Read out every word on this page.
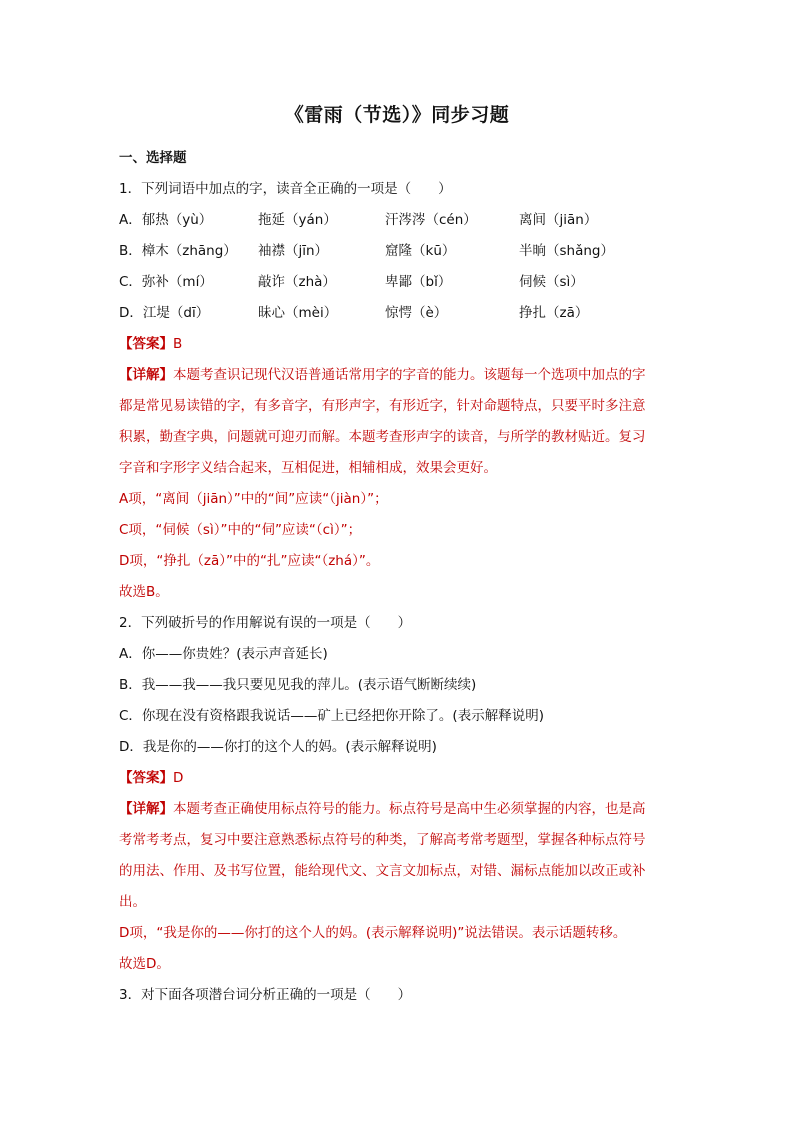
《雷雨（节选）》同步习题
一、选择题
1．下列词语中加点的字，读音全正确的一项是（　　）
A．郁热（yù）	拖延（yán）	汗涔涔（cén）	离间（jiān）
B．樟木（zhāng） 袖襟（jīn）	窟隆（kū）	半晌（shǎng）
C．弥补（mí）	敲诈（zhà）	卑鄙（bǐ）	伺候（sì）
D．江堤（dī）	昧心（mèi）	惊愕（è）	挣扎（zā）
【答案】B
【详解】本题考查识记现代汉语普通话常用字的字音的能力。该题每一个选项中加点的字
都是常见易读错的字，有多音字，有形声字，有形近字，针对命题特点，只要平时多注意
积累，勤查字典，问题就可迎刃而解。本题考查形声字的读音，与所学的教材贴近。复习
字音和字形字义结合起来，互相促进，相辅相成，效果会更好。
A项，“离间（jiān）”中的“间”应读“（jiàn）”；
C项，“伺候（sì）”中的“伺”应读“（cì）”；
D项，“挣扎（zā）”中的“扎”应读“（zhá）”。
故选B。
2．下列破折号的作用解说有误的一项是（　　）
A．你——你贵姓？(表示声音延长)
B．我——我——我只要见见我的萍儿。(表示语气断断续续)
C．你现在没有资格跟我说话——矿上已经把你开除了。(表示解释说明)
D．我是你的——你打的这个人的妈。(表示解释说明)
【答案】D
【详解】本题考查正确使用标点符号的能力。标点符号是高中生必须掌握的内容，也是高
考常考考点，复习中要注意熟悉标点符号的种类，了解高考常考题型，掌握各种标点符号
的用法、作用、及书写位置，能给现代文、文言文加标点，对错、漏标点能加以改正或补
出。
D项，“我是你的——你打的这个人的妈。(表示解释说明)”说法错误。表示话题转移。
故选D。
3．对下面各项潜台词分析正确的一项是（　　）
